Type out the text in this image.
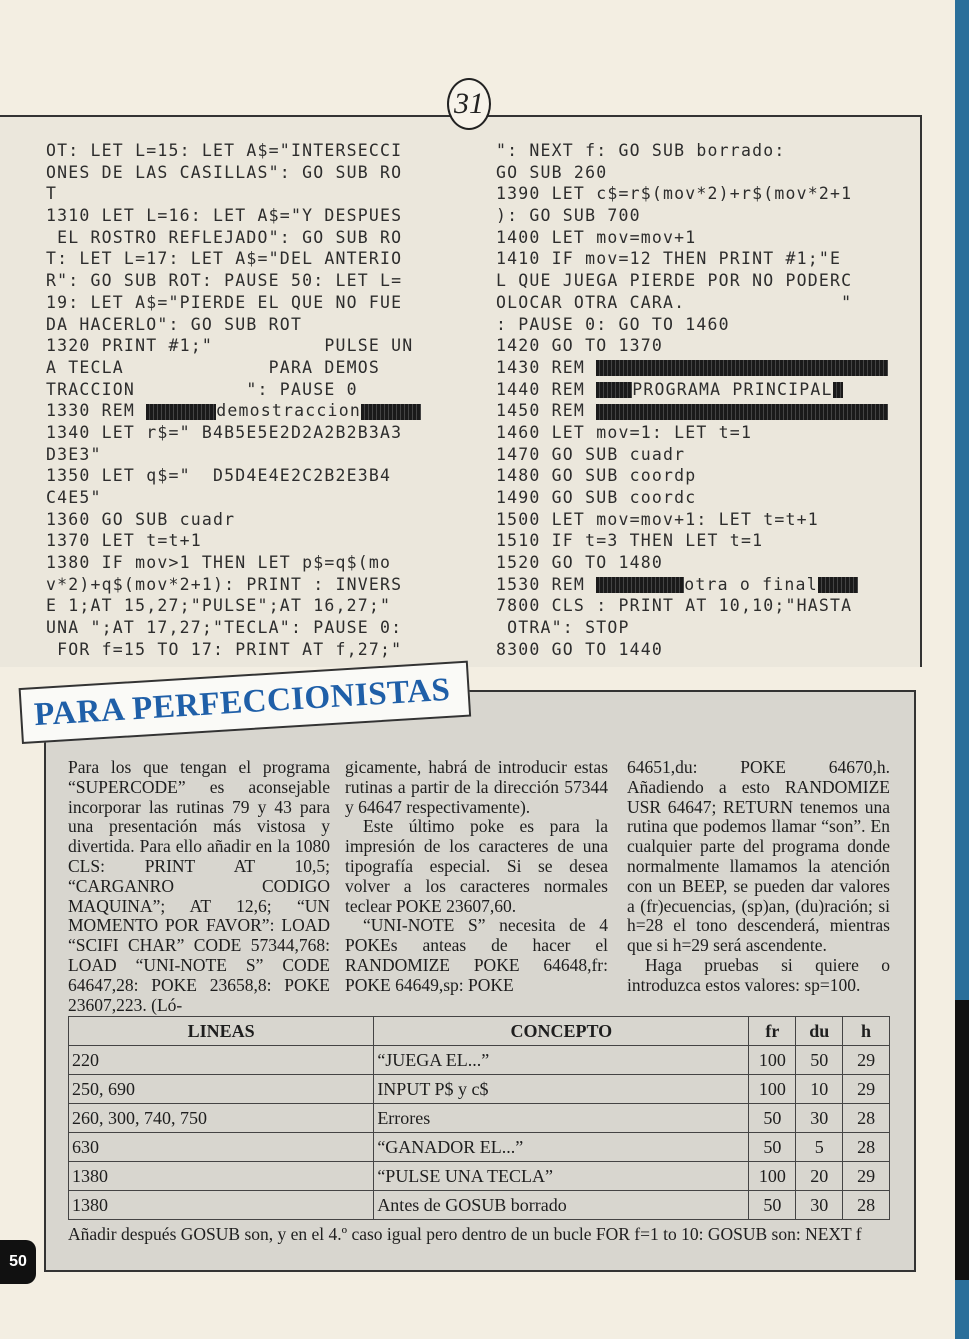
31
OT: LET L=15: LET A$="INTERSECCI
ONES DE LAS CASILLAS": GO SUB RO
T
1310 LET L=16: LET A$="Y DESPUES
EL ROSTRO REFLEJADO": GO SUB RO
T: LET L=17: LET A$="DEL ANTERIO
R": GO SUB ROT: PAUSE 50: LET L=
19: LET A$="PIERDE EL QUE NO FUE
DA HACERLO": GO SUB ROT
1320 PRINT #1;"          PULSE UN
A TECLA             PARA DEMOS
TRACCION          ": PAUSE 0
1330 REM	demostraccion
1340 LET r$=" B4B5E5E2D2A2B2B3A3
D3E3"
1350 LET q$="  D5D4E4E2C2B2E3B4
C4E5"
1360 GO SUB cuadr
1370 LET t=t+1
1380 IF mov>1 THEN LET p$=q$(mo
v*2)+q$(mov*2+1): PRINT : INVERS
E 1;AT 15,27;"PULSE";AT 16,27;"
UNA ";AT 17,27;"TECLA": PAUSE 0:
FOR f=15 TO 17: PRINT AT f,27;"
": NEXT f: GO SUB borrado:
GO SUB 260
1390 LET c$=r$(mov*2)+r$(mov*2+1
): GO SUB 700
1400 LET mov=mov+1
1410 IF mov=12 THEN PRINT #1;"E
L QUE JUEGA PIERDE POR NO PODERC
OLOCAR OTRA CARA.              "
: PAUSE 0: GO TO 1460
1420 GO TO 1370
1430 REM
1440 REM PROGRAMA PRINCIPAL
1450 REM
1460 LET mov=1: LET t=1
1470 GO SUB cuadr
1480 GO SUB coordp
1490 GO SUB coordc
1500 LET mov=mov+1: LET t=t+1
1510 IF t=3 THEN LET t=1
1520 GO TO 1480
1530 REM	otra o final
7800 CLS : PRINT AT 10,10;"HASTA
OTRA": STOP
8300 GO TO 1440
PARA PERFECCIONISTAS

Para los que tengan el programa “SUPERCODE” es aconsejable incorporar las rutinas 79 y 43 para una presentación más vistosa y divertida. Para ello añadir en la 1080 CLS: PRINT AT 10,5; “CARGANRO CODIGO MAQUINA”; AT 12,6; “UN MOMENTO POR FAVOR”: LOAD “SCIFI CHAR” CODE 57344,768: LOAD “UNI-NOTE S” CODE 64647,28: POKE 23658,8: POKE 23607,223. (Ló-

gicamente, habrá de introducir estas rutinas a partir de la dirección 57344 y 64647 respectivamente).

Este último poke es para la impresión de los caracteres de una tipografía especial. Si se desea volver a los caracteres normales teclear POKE 23607,60.

“UNI-NOTE S” necesita de 4 POKEs anteas de hacer el RANDOMIZE POKE 64648,fr: POKE 64649,sp: POKE

64651,du: POKE 64670,h. Añadiendo a esto RANDOMIZE USR 64647; RETURN tenemos una rutina que podemos llamar “son”. En cualquier parte del programa donde normalmente llamamos la atención con un BEEP, se pueden dar valores a (fr)ecuencias, (sp)an, (du)ración; si h=28 el tono descenderá, mientras que si h=29 será ascendente.

Haga pruebas si quiere o introduzca estos valores: sp=100.

LINEAS	CONCEPTO	fr	du	h
220	“JUEGA EL...”	100	50	29
250, 690	INPUT P$ y c$	100	10	29
260, 300, 740, 750	Errores	50	30	28
630	“GANADOR EL...”	50	5	28
1380	“PULSE UNA TECLA”	100	20	29
1380	Antes de GOSUB borrado	50	30	28
Añadir después GOSUB son, y en el 4.º caso igual pero dentro de un bucle FOR f=1 to 10: GOSUB son: NEXT f
50
